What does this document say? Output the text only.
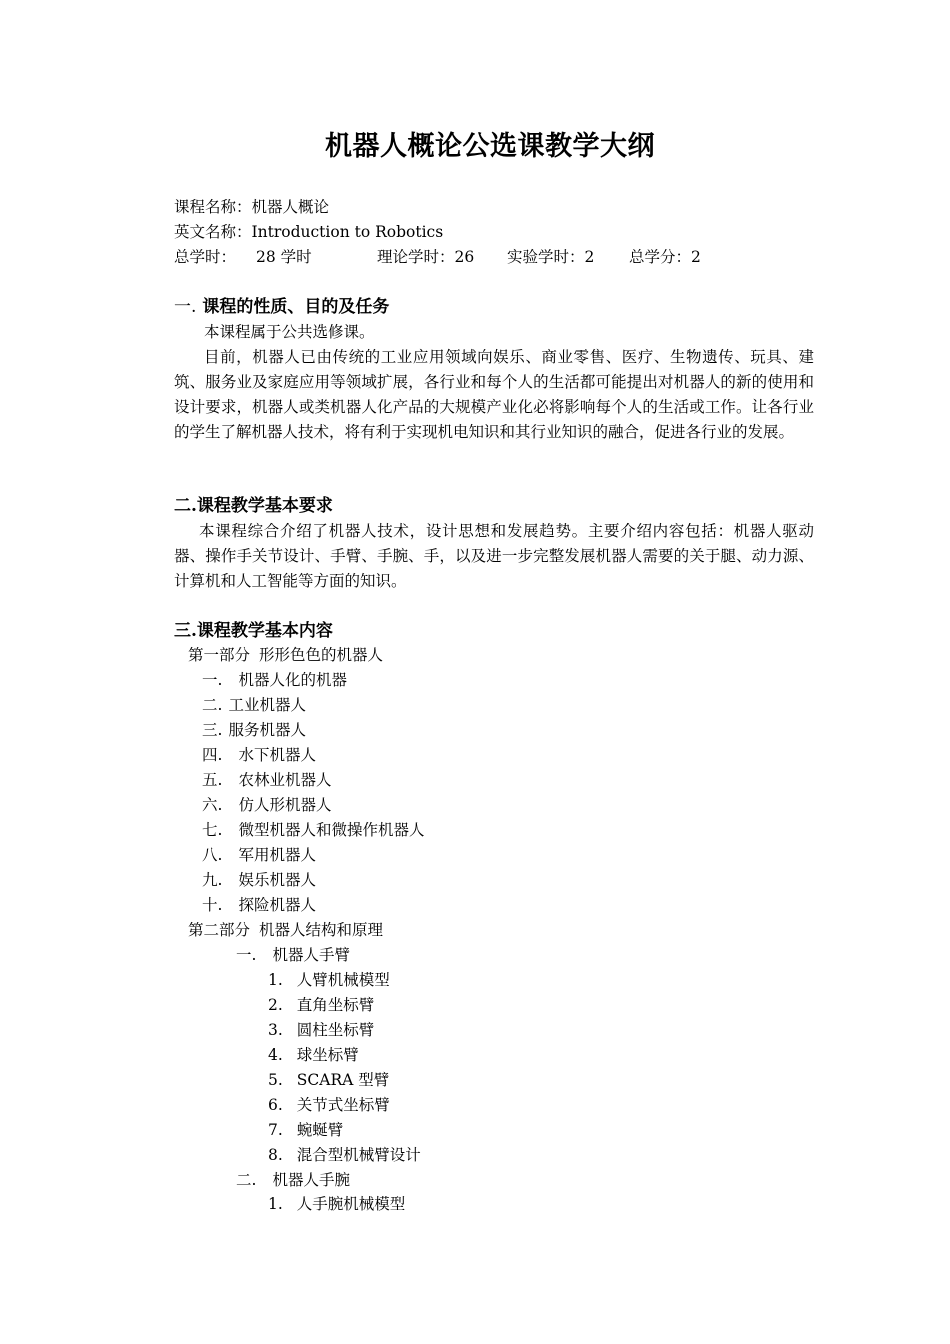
机器人概论公选课教学大纲
课程名称：机器人概论
英文名称：Introduction to Robotics
总学时： 28 学时	理论学时：26 实验学时：2 总学分：2
一. 课程的性质、目的及任务
本课程属于公共选修课。
目前，机器人已由传统的工业应用领域向娱乐、商业零售、医疗、生物遗传、玩具、建筑、服务业及家庭应用等领域扩展，各行业和每个人的生活都可能提出对机器人的新的使用和设计要求，机器人或类机器人化产品的大规模产业化必将影响每个人的生活或工作。让各行业的学生了解机器人技术，将有利于实现机电知识和其行业知识的融合，促进各行业的发展。
二.课程教学基本要求
本课程综合介绍了机器人技术，设计思想和发展趋势。主要介绍内容包括：机器人驱动器、操作手关节设计、手臂、手腕、手，以及进一步完整发展机器人需要的关于腿、动力源、计算机和人工智能等方面的知识。
三.课程教学基本内容
第一部分 形形色色的机器人
一. 机器人化的机器
二. 工业机器人
三. 服务机器人
四. 水下机器人
五. 农林业机器人
六. 仿人形机器人
七. 微型机器人和微操作机器人
八. 军用机器人
九. 娱乐机器人
十. 探险机器人
第二部分 机器人结构和原理
一. 机器人手臂
1. 人臂机械模型
2. 直角坐标臂
3. 圆柱坐标臂
4. 球坐标臂
5. SCARA 型臂
6. 关节式坐标臂
7. 蜿蜒臂
8. 混合型机械臂设计
二. 机器人手腕
1. 人手腕机械模型
